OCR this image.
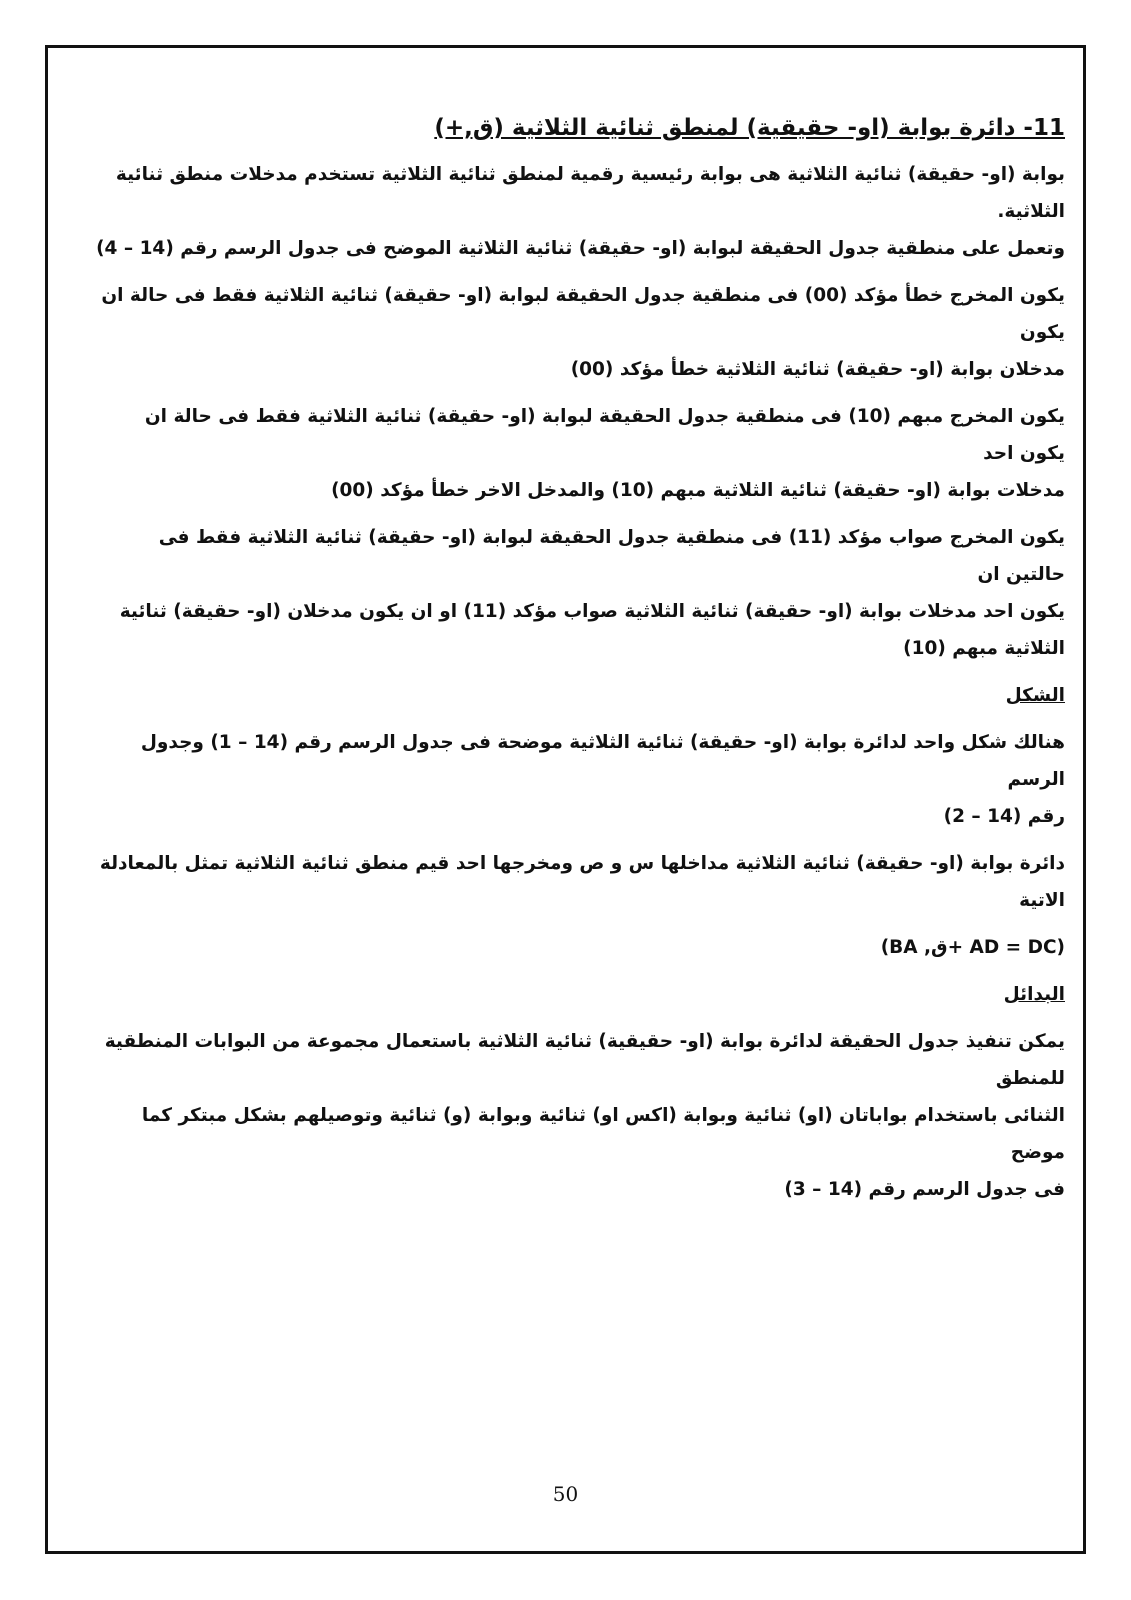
11- دائرة بوابة (او- حقيقية) لمنطق ثنائية الثلاثية (ق,+)
بوابة (او- حقيقة) ثنائية الثلاثية هى بوابة رئيسية رقمية لمنطق ثنائية الثلاثية تستخدم مدخلات منطق ثنائية الثلاثية.
وتعمل على منطقية جدول الحقيقة لبوابة (او- حقيقة) ثنائية الثلاثية الموضح فى جدول الرسم رقم (14 – 4)
يكون المخرج خطأ مؤكد (00) فى منطقية جدول الحقيقة لبوابة (او- حقيقة) ثنائية الثلاثية فقط فى حالة ان يكون
مدخلان بوابة (او- حقيقة) ثنائية الثلاثية خطأ مؤكد (00)
يكون المخرج مبهم (10) فى منطقية جدول الحقيقة لبوابة (او- حقيقة) ثنائية الثلاثية فقط فى حالة ان يكون احد
مدخلات بوابة (او- حقيقة) ثنائية الثلاثية مبهم (10) والمدخل الاخر خطأ مؤكد (00)
يكون المخرج صواب مؤكد (11) فى منطقية جدول الحقيقة لبوابة (او- حقيقة) ثنائية الثلاثية فقط فى حالتين ان
يكون احد مدخلات بوابة (او- حقيقة) ثنائية الثلاثية صواب مؤكد (11) او ان يكون مدخلان (او- حقيقة) ثنائية
الثلاثية مبهم (10)
الشكل
هنالك شكل واحد لدائرة بوابة (او- حقيقة) ثنائية الثلاثية موضحة فى جدول الرسم رقم (14 – 1) وجدول الرسم
رقم (14 – 2)
دائرة بوابة (او- حقيقة) ثنائية الثلاثية مداخلها س و ص ومخرجها احد قيم منطق ثنائية الثلاثية تمثل بالمعادلة
الاتية
(AD = DC +ق, BA)
البدائل
يمكن تنفيذ جدول الحقيقة لدائرة بوابة (او- حقيقية) ثنائية الثلاثية باستعمال مجموعة من البوابات المنطقية للمنطق
الثنائى باستخدام بواباتان (او) ثنائية وبوابة (اكس او) ثنائية وبوابة (و) ثنائية وتوصيلهم بشكل مبتكر كما موضح
فى جدول الرسم رقم (14 – 3)
50
